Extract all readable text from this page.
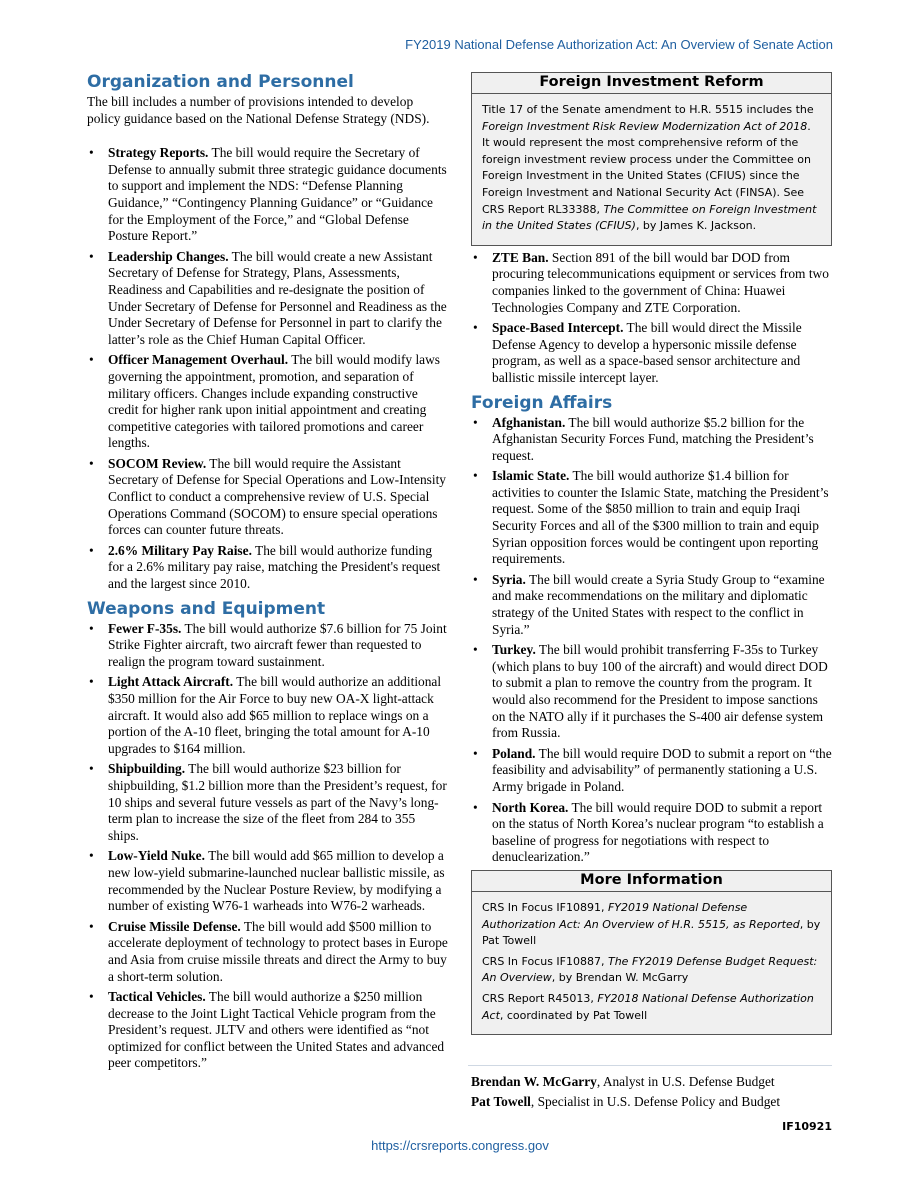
FY2019 National Defense Authorization Act: An Overview of Senate Action
Organization and Personnel
The bill includes a number of provisions intended to develop policy guidance based on the National Defense Strategy (NDS).
• Strategy Reports. The bill would require the Secretary of Defense to annually submit three strategic guidance documents to support and implement the NDS: “Defense Planning Guidance,” “Contingency Planning Guidance” or “Guidance for the Employment of the Force,” and “Global Defense Posture Report.”
• Leadership Changes. The bill would create a new Assistant Secretary of Defense for Strategy, Plans, Assessments, Readiness and Capabilities and re-designate the position of Under Secretary of Defense for Personnel and Readiness as the Under Secretary of Defense for Personnel in part to clarify the latter’s role as the Chief Human Capital Officer.
• Officer Management Overhaul. The bill would modify laws governing the appointment, promotion, and separation of military officers. Changes include expanding constructive credit for higher rank upon initial appointment and creating competitive categories with tailored promotions and career lengths.
• SOCOM Review. The bill would require the Assistant Secretary of Defense for Special Operations and Low-Intensity Conflict to conduct a comprehensive review of U.S. Special Operations Command (SOCOM) to ensure special operations forces can counter future threats.
• 2.6% Military Pay Raise. The bill would authorize funding for a 2.6% military pay raise, matching the President's request and the largest since 2010.
Weapons and Equipment
• Fewer F-35s. The bill would authorize $7.6 billion for 75 Joint Strike Fighter aircraft, two aircraft fewer than requested to realign the program toward sustainment.
• Light Attack Aircraft. The bill would authorize an additional $350 million for the Air Force to buy new OA-X light-attack aircraft. It would also add $65 million to replace wings on a portion of the A-10 fleet, bringing the total amount for A-10 upgrades to $164 million.
• Shipbuilding. The bill would authorize $23 billion for shipbuilding, $1.2 billion more than the President’s request, for 10 ships and several future vessels as part of the Navy’s long-term plan to increase the size of the fleet from 284 to 355 ships.
• Low-Yield Nuke. The bill would add $65 million to develop a new low-yield submarine-launched nuclear ballistic missile, as recommended by the Nuclear Posture Review, by modifying a number of existing W76-1 warheads into W76-2 warheads.
• Cruise Missile Defense. The bill would add $500 million to accelerate deployment of technology to protect bases in Europe and Asia from cruise missile threats and direct the Army to buy a short-term solution.
• Tactical Vehicles. The bill would authorize a $250 million decrease to the Joint Light Tactical Vehicle program from the President’s request. JLTV and others were identified as “not optimized for conflict between the United States and advanced peer competitors.”
Foreign Investment Reform

Title 17 of the Senate amendment to H.R. 5515 includes the Foreign Investment Risk Review Modernization Act of 2018. It would represent the most comprehensive reform of the foreign investment review process under the Committee on Foreign Investment in the United States (CFIUS) since the Foreign Investment and National Security Act (FINSA). See CRS Report RL33388, The Committee on Foreign Investment in the United States (CFIUS), by James K. Jackson.

• ZTE Ban. Section 891 of the bill would bar DOD from procuring telecommunications equipment or services from two companies linked to the government of China: Huawei Technologies Company and ZTE Corporation.
• Space-Based Intercept. The bill would direct the Missile Defense Agency to develop a hypersonic missile defense program, as well as a space-based sensor architecture and ballistic missile intercept layer.
Foreign Affairs
• Afghanistan. The bill would authorize $5.2 billion for the Afghanistan Security Forces Fund, matching the President’s request.
• Islamic State. The bill would authorize $1.4 billion for activities to counter the Islamic State, matching the President’s request. Some of the $850 million to train and equip Iraqi Security Forces and all of the $300 million to train and equip Syrian opposition forces would be contingent upon reporting requirements.
• Syria. The bill would create a Syria Study Group to “examine and make recommendations on the military and diplomatic strategy of the United States with respect to the conflict in Syria.”
• Turkey. The bill would prohibit transferring F-35s to Turkey (which plans to buy 100 of the aircraft) and would direct DOD to submit a plan to remove the country from the program. It would also recommend for the President to impose sanctions on the NATO ally if it purchases the S-400 air defense system from Russia.
• Poland. The bill would require DOD to submit a report on “the feasibility and advisability” of permanently stationing a U.S. Army brigade in Poland.
• North Korea. The bill would require DOD to submit a report on the status of North Korea’s nuclear program “to establish a baseline of progress for negotiations with respect to denuclearization.”
More Information

CRS In Focus IF10891, FY2019 National Defense Authorization Act: An Overview of H.R. 5515, as Reported, by Pat Towell

CRS In Focus IF10887, The FY2019 Defense Budget Request: An Overview, by Brendan W. McGarry

CRS Report R45013, FY2018 National Defense Authorization Act, coordinated by Pat Towell

Brendan W. McGarry, Analyst in U.S. Defense Budget
Pat Towell, Specialist in U.S. Defense Policy and Budget
IF10921
https://crsreports.congress.gov
